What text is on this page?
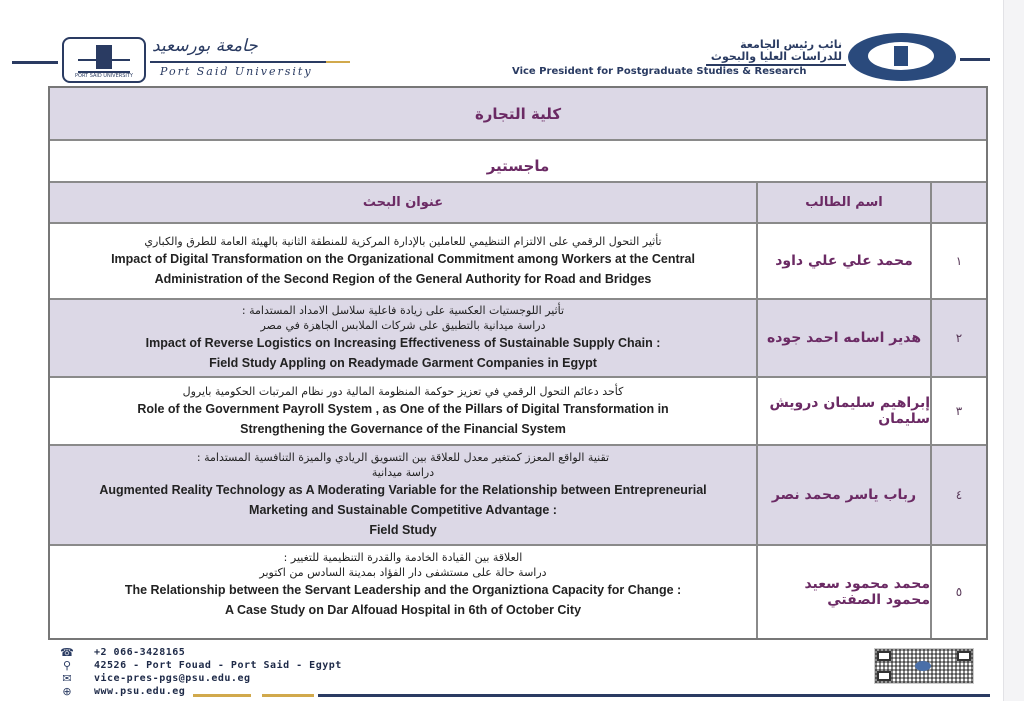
PORT SAID UNIVERSITY
جامعة بورسعيد
Port Said University
نائب رئيس الجامعة
للدراسات العليا والبحوث
Vice President for Postgraduate Studies & Research
كلية التجارة
ماجستير
عنوان البحث	اسم الطالب
تأثير التحول الرقمي على الالتزام التنظيمي للعاملين بالإدارة المركزية للمنطقة الثانية بالهيئة العامة للطرق والكباري
Impact of Digital Transformation on the Organizational Commitment among Workers at the Central
Administration of the Second Region of the General Authority for Road and Bridges
محمد علي علي داود	١
تأثير اللوجستيات العكسية على زيادة فاعلية سلاسل الامداد المستدامة :
دراسة ميدانية بالتطبيق على شركات الملابس الجاهزة في مصر
Impact of Reverse Logistics on Increasing Effectiveness of Sustainable Supply Chain :
Field Study Appling on Readymade Garment Companies in Egypt
هدير اسامه احمد جوده	٢
كأحد دعائم التحول الرقمي في تعزيز حوكمة المنظومة المالية دور نظام المرتبات الحكومية بايرول
Role of the Government Payroll System , as One of the Pillars of Digital Transformation in
Strengthening the Governance of the Financial System
إبراهيم سليمان درويش سليمان	٣
تقنية الواقع المعزز كمتغير معدل للعلاقة بين التسويق الريادي والميزة التنافسية المستدامة :
دراسة ميدانية
Augmented Reality Technology as A Moderating Variable for the Relationship between Entrepreneurial
Marketing and Sustainable Competitive Advantage :
Field Study
رباب ياسر محمد نصر	٤
العلاقة بين القيادة الخادمة والقدرة التنظيمية للتغيير :
دراسة حالة على مستشفى دار الفؤاد بمدينة السادس من اكتوبر
The Relationship between the Servant Leadership and the Organiztiona Capacity for Change :
A Case Study on Dar Alfouad Hospital in 6th of October City
محمد محمود سعيد محمود الصفتي	٥
☎	+2 066-3428165
⚲	42526 - Port Fouad - Port Said - Egypt
✉	vice-pres-pgs@psu.edu.eg
⊕	www.psu.edu.eg
